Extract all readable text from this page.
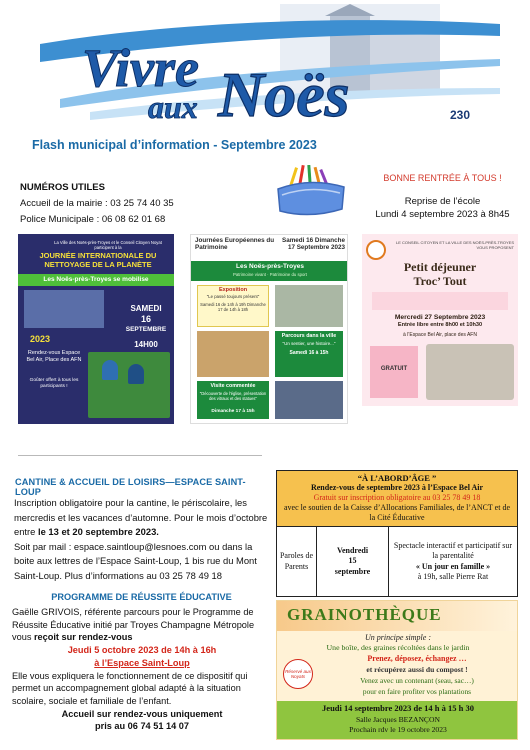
Vivre
aux Noës	230
Flash municipal d’information - Septembre 2023
NUMÉROS UTILES
Accueil de la mairie : 03 25 74 40 35
Police Municipale : 06 08 62 01 68
BONNE RENTRÉE À TOUS !
Reprise de l’école
Lundi 4 septembre 2023 à 8h45
La Ville des Noës-près-Troyes et le Conseil Citoyen Noyat participent à la
JOURNÉE INTERNATIONALE DU NETTOYAGE DE LA PLANÈTE
Les Noës-près-Troyes se mobilise
SAMEDI
16
SEPTEMBRE
14H00
2023
Rendez-vous Espace Bel Air, Place des AFN
Goûter offert à tous les participants !
Journées Européennes du Patrimoine
Samedi 16 Dimanche 17 Septembre 2023
Les Noës-près-Troyes
Patrimoine vivant · Patrimoine du sport
Exposition
"Le passé toujours présent"
Samedi 16 de 14h à 19h Dimanche 17 de 14h à 18h
Parcours dans la ville
"Un sentier, une histoire..."
Samedi 16 à 15h
Visite commentée
"Découverte de l'église, présentation des vitraux et des statues"
Dimanche 17 à 15h
LE CONSEIL CITOYEN ET LA VILLE DES NOËS-PRÈS-TROYES VOUS PROPOSENT
Petit déjeuner
Troc’ Tout
Mercredi 27 Septembre 2023
Entrée libre entre 8h00 et 10h30
à l’Espace Bel Air, place des AFN
GRATUIT
CANTINE & ACCUEIL DE LOISIRS—ESPACE SAINT-LOUP
Inscription obligatoire pour la cantine, le périscolaire, les mercredis et les vacances d’automne. Pour le mois d’octobre entre le 13 et 20 septembre 2023.
Soit par mail : espace.saintloup@lesnoes.com ou dans la boite aux lettres de l’Espace Saint-Loup, 1 bis rue du Mont Saint-Loup. Plus d’informations au 03 25 78 49 18
PROGRAMME DE RÉUSSITE ÉDUCATIVE
Gaëlle GRIVOIS, référente parcours pour le Programme de Réussite Éducative initié par Troyes Champagne Métropole vous reçoit sur rendez-vous
Jeudi 5 octobre 2023 de 14h à 16h
à l’Espace Saint-Loup
Elle vous expliquera le fonctionnement de ce dispositif qui permet un accompagnement global adapté à la situation scolaire, sociale et familiale de l’enfant.
Accueil sur rendez-vous uniquement
pris au 06 74 51 14 07
“À L’ABORD’ÂGE ”
Rendez-vous de septembre 2023 à l’Espace Bel Air
Gratuit sur inscription obligatoire au 03 25 78 49 18
avec le soutien de la Caisse d’Allocations Familiales, de l’ANCT et de la Cité Éducative
Paroles de Parents
Vendredi
15
septembre
Spectacle interactif et participatif sur la parentalité
« Un jour en famille »
à 19h, salle Pierre Rat
GRAINOTHÈQUE
Un principe simple :
Une boîte, des graines récoltées dans le jardin
Prenez, déposez, échangez …
et récupérez aussi du compost !
Venez avec un contenant (seau, sac…)
pour en faire profiter vos plantations
Réservé aux Noyats
Jeudi 14 septembre 2023 de 14 h à 15 h 30
Salle Jacques BEZANÇON
Prochain rdv le 19 octobre 2023
